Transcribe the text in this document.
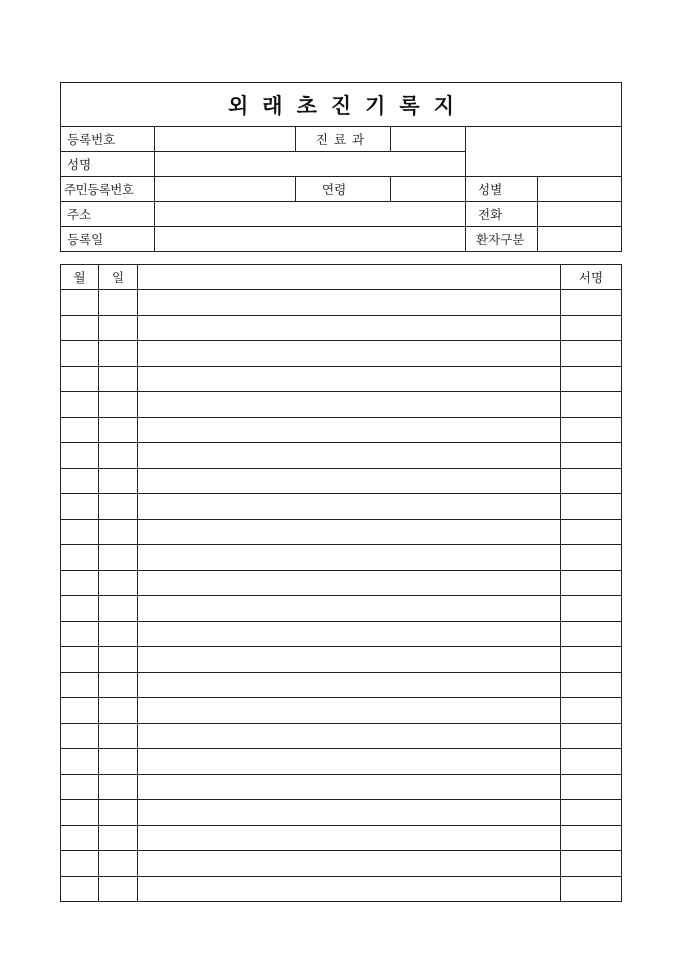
외래초진기록지					
등록번호		진료과			
성명					
주민등록번호		연령		성별	
주소				전화	
등록일				환자구분	
월	일		서명
